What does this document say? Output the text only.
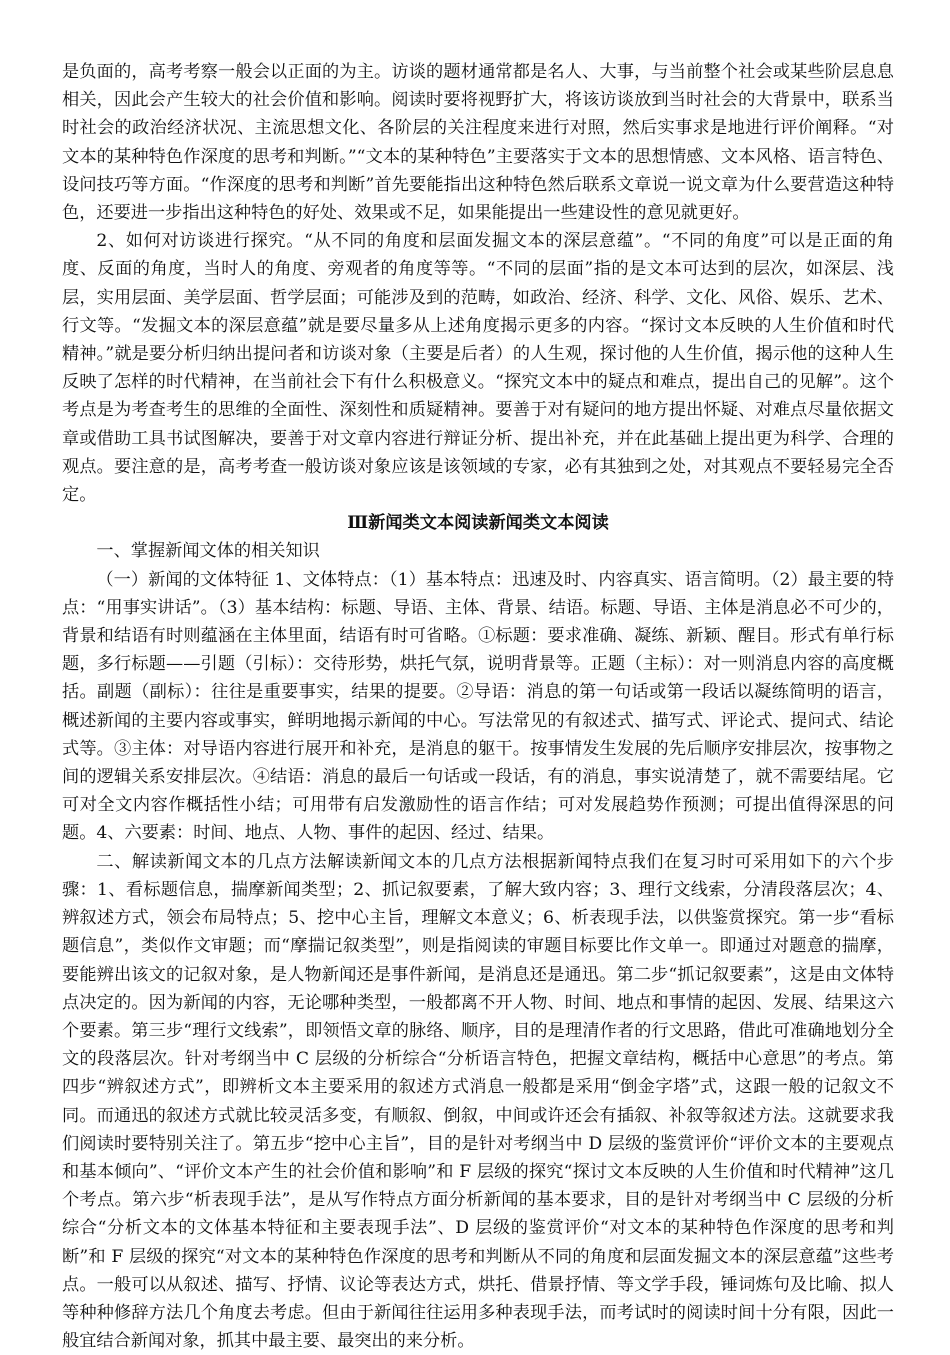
是负面的，高考考察一般会以正面的为主。访谈的题材通常都是名人、大事，与当前整个社会或某些阶层息息相关，因此会产生较大的社会价值和影响。阅读时要将视野扩大，将该访谈放到当时社会的大背景中，联系当时社会的政治经济状况、主流思想文化、各阶层的关注程度来进行对照，然后实事求是地进行评价阐释。“对文本的某种特色作深度的思考和判断。”“文本的某种特色”主要落实于文本的思想情感、文本风格、语言特色、设问技巧等方面。“作深度的思考和判断”首先要能指出这种特色然后联系文章说一说文章为什么要营造这种特色，还要进一步指出这种特色的好处、效果或不足，如果能提出一些建设性的意见就更好。

2、如何对访谈进行探究。“从不同的角度和层面发掘文本的深层意蕴”。“不同的角度”可以是正面的角度、反面的角度，当时人的角度、旁观者的角度等等。“不同的层面”指的是文本可达到的层次，如深层、浅层，实用层面、美学层面、哲学层面；可能涉及到的范畴，如政治、经济、科学、文化、风俗、娱乐、艺术、行文等。“发掘文本的深层意蕴”就是要尽量多从上述角度揭示更多的内容。“探讨文本反映的人生价值和时代精神。”就是要分析归纳出提问者和访谈对象（主要是后者）的人生观，探讨他的人生价值，揭示他的这种人生反映了怎样的时代精神，在当前社会下有什么积极意义。“探究文本中的疑点和难点，提出自己的见解”。这个考点是为考查考生的思维的全面性、深刻性和质疑精神。要善于对有疑问的地方提出怀疑、对难点尽量依据文章或借助工具书试图解决，要善于对文章内容进行辩证分析、提出补充，并在此基础上提出更为科学、合理的观点。要注意的是，高考考查一般访谈对象应该是该领域的专家，必有其独到之处，对其观点不要轻易完全否定。

Ⅲ新闻类文本阅读新闻类文本阅读

一、掌握新闻文体的相关知识

（一）新闻的文体特征 1、文体特点：（1）基本特点：迅速及时、内容真实、语言简明。（2）最主要的特点：“用事实讲话”。（3）基本结构：标题、导语、主体、背景、结语。标题、导语、主体是消息必不可少的，背景和结语有时则蕴涵在主体里面，结语有时可省略。①标题：要求准确、凝练、新颖、醒目。形式有单行标题，多行标题——引题（引标）：交待形势，烘托气氛，说明背景等。正题（主标）：对一则消息内容的高度概括。副题（副标）：往往是重要事实，结果的提要。②导语：消息的第一句话或第一段话以凝练简明的语言，概述新闻的主要内容或事实，鲜明地揭示新闻的中心。写法常见的有叙述式、描写式、评论式、提问式、结论式等。③主体：对导语内容进行展开和补充，是消息的躯干。按事情发生发展的先后顺序安排层次，按事物之间的逻辑关系安排层次。④结语：消息的最后一句话或一段话，有的消息，事实说清楚了，就不需要结尾。它可对全文内容作概括性小结；可用带有启发激励性的语言作结；可对发展趋势作预测；可提出值得深思的问题。4、六要素：时间、地点、人物、事件的起因、经过、结果。

二、解读新闻文本的几点方法解读新闻文本的几点方法根据新闻特点我们在复习时可采用如下的六个步骤：1、看标题信息，揣摩新闻类型；2、抓记叙要素，了解大致内容；3、理行文线索，分清段落层次；4、辨叙述方式，领会布局特点；5、挖中心主旨，理解文本意义；6、析表现手法，以供鉴赏探究。第一步“看标题信息”，类似作文审题；而“摩揣记叙类型”，则是指阅读的审题目标要比作文单一。即通过对题意的揣摩，要能辨出该文的记叙对象，是人物新闻还是事件新闻，是消息还是通迅。第二步“抓记叙要素”，这是由文体特点决定的。因为新闻的内容，无论哪种类型，一般都离不开人物、时间、地点和事情的起因、发展、结果这六个要素。第三步“理行文线索”，即领悟文章的脉络、顺序，目的是理清作者的行文思路，借此可准确地划分全文的段落层次。针对考纲当中 C 层级的分析综合“分析语言特色，把握文章结构，概括中心意思”的考点。第四步“辨叙述方式”，即辨析文本主要采用的叙述方式消息一般都是采用“倒金字塔”式，这跟一般的记叙文不同。而通迅的叙述方式就比较灵活多变，有顺叙、倒叙，中间或许还会有插叙、补叙等叙述方法。这就要求我们阅读时要特别关注了。第五步“挖中心主旨”，目的是针对考纲当中 D 层级的鉴赏评价“评价文本的主要观点和基本倾向”、“评价文本产生的社会价值和影响”和 F 层级的探究“探讨文本反映的人生价值和时代精神”这几个考点。第六步“析表现手法”，是从写作特点方面分析新闻的基本要求，目的是针对考纲当中 C 层级的分析综合“分析文本的文体基本特征和主要表现手法”、D 层级的鉴赏评价“对文本的某种特色作深度的思考和判断”和 F 层级的探究“对文本的某种特色作深度的思考和判断从不同的角度和层面发掘文本的深层意蕴”这些考点。一般可以从叙述、描写、抒情、议论等表达方式，烘托、借景抒情、等文学手段，锤词炼句及比喻、拟人等种种修辞方法几个角度去考虑。但由于新闻往往运用多种表现手法，而考试时的阅读时间十分有限，因此一般宜结合新闻对象，抓其中最主要、最突出的来分析。
